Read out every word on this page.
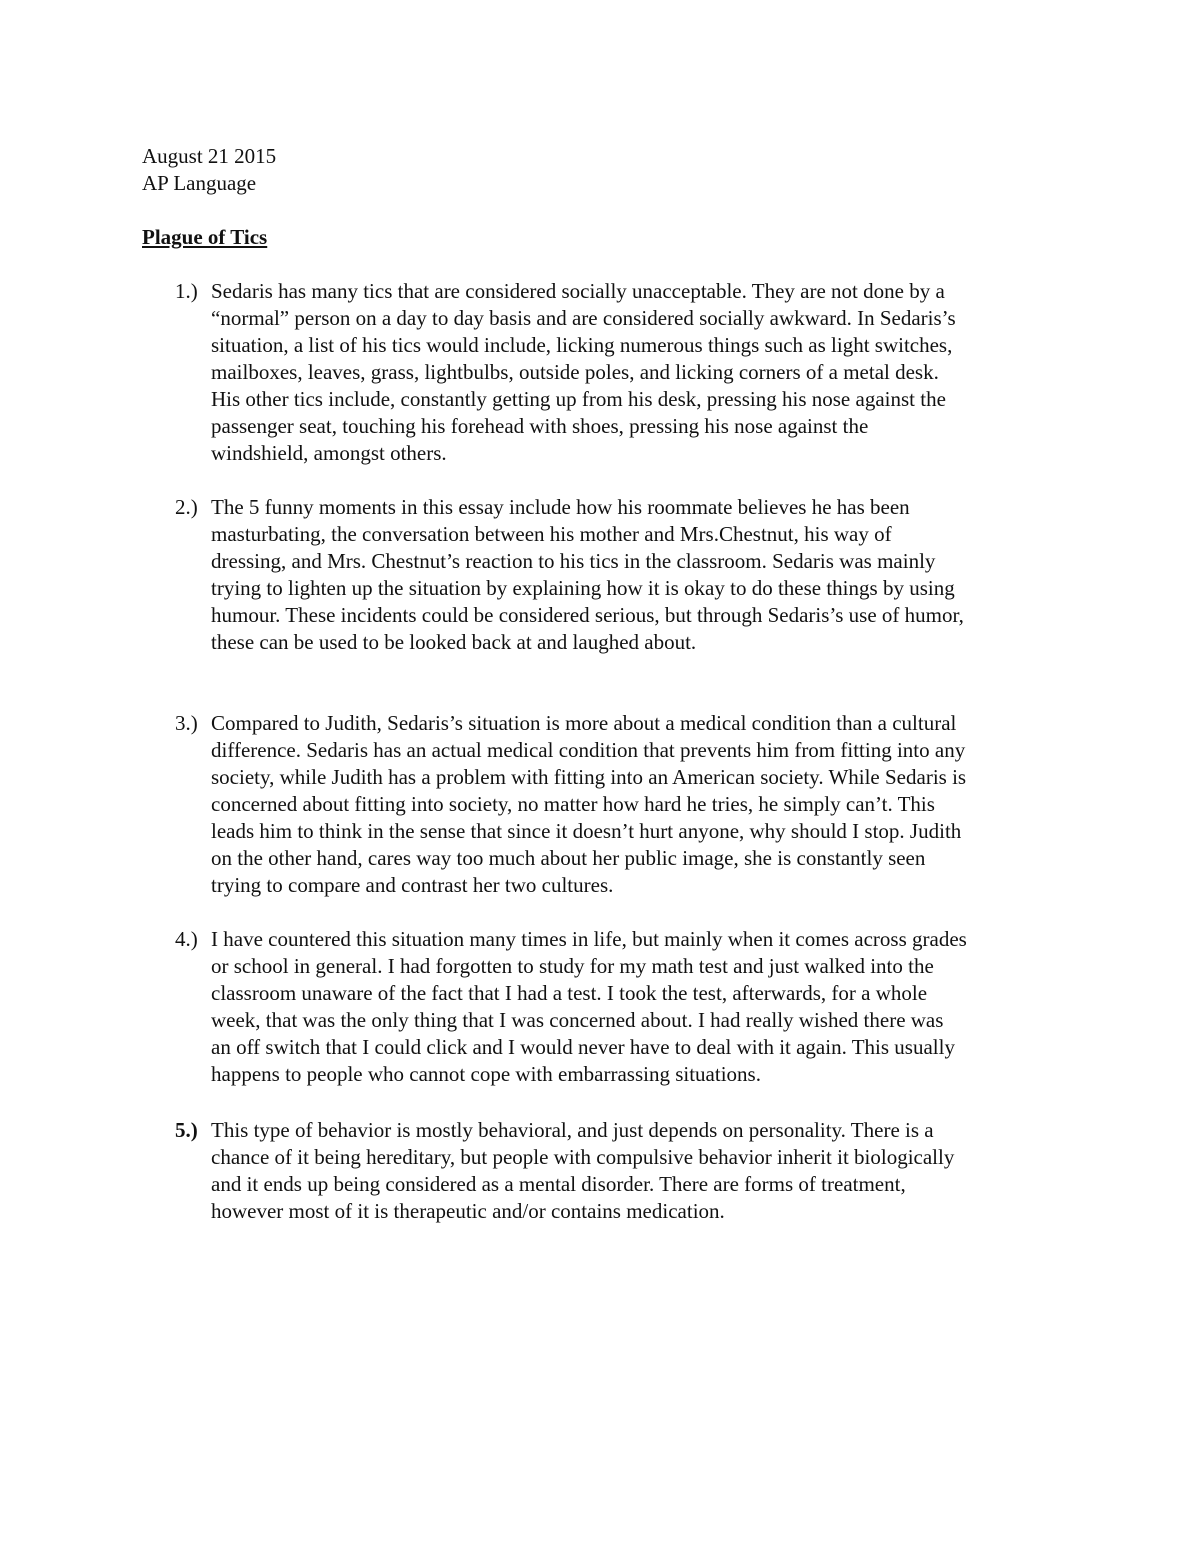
August 21 2015
AP Language
Plague of Tics
1.) Sedaris has many tics that are considered socially unacceptable. They are not done by a
“normal” person on a day to day basis and are considered socially awkward. In Sedaris’s
situation, a list of his tics would include, licking numerous things such as light switches,
mailboxes, leaves, grass, lightbulbs, outside poles, and licking corners of a metal desk.
His other tics include, constantly getting up from his desk, pressing his nose against the
passenger seat, touching his forehead with shoes, pressing his nose against the
windshield, amongst others.
2.) The 5 funny moments in this essay include how his roommate believes he has been
masturbating, the conversation between his mother and Mrs.Chestnut, his way of
dressing, and Mrs. Chestnut’s reaction to his tics in the classroom. Sedaris was mainly
trying to lighten up the situation by explaining how it is okay to do these things by using
humour. These incidents could be considered serious, but through Sedaris’s use of humor,
these can be used to be looked back at and laughed about.
3.) Compared to Judith, Sedaris’s situation is more about a medical condition than a cultural
difference. Sedaris has an actual medical condition that prevents him from fitting into any
society, while Judith has a problem with fitting into an American society. While Sedaris is
concerned about fitting into society, no matter how hard he tries, he simply can’t. This
leads him to think in the sense that since it doesn’t hurt anyone, why should I stop. Judith
on the other hand, cares way too much about her public image, she is constantly seen
trying to compare and contrast her two cultures.
4.) I have countered this situation many times in life, but mainly when it comes across grades
or school in general. I had forgotten to study for my math test and just walked into the
classroom unaware of the fact that I had a test. I took the test, afterwards, for a whole
week, that was the only thing that I was concerned about. I had really wished there was
an off switch that I could click and I would never have to deal with it again. This usually
happens to people who cannot cope with embarrassing situations.
5.) This type of behavior is mostly behavioral, and just depends on personality. There is a
chance of it being hereditary, but people with compulsive behavior inherit it biologically
and it ends up being considered as a mental disorder. There are forms of treatment,
however most of it is therapeutic and/or contains medication.
